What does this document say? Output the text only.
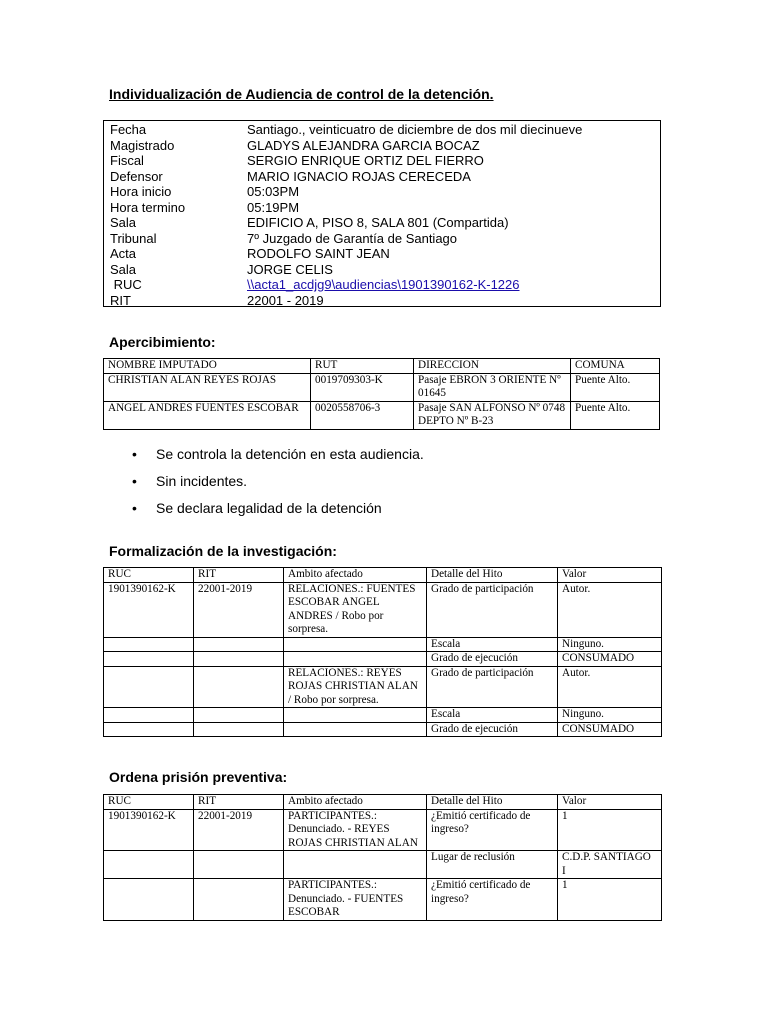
Individualización de Audiencia de control de la detención.
Fecha	Santiago., veinticuatro de diciembre de dos mil diecinueve
Magistrado	GLADYS ALEJANDRA GARCIA BOCAZ
Fiscal	SERGIO ENRIQUE ORTIZ DEL FIERRO
Defensor	MARIO IGNACIO ROJAS CERECEDA
Hora inicio	05:03PM
Hora termino	05:19PM
Sala	EDIFICIO A, PISO 8, SALA 801 (Compartida)
Tribunal	7º Juzgado de Garantía de Santiago
Acta	RODOLFO SAINT JEAN
Sala	JORGE CELIS
RUC	\\acta1_acdjg9\audiencias\1901390162-K-1226
RIT	22001 - 2019
Apercibimiento:
NOMBRE IMPUTADO	RUT	DIRECCION	COMUNA
CHRISTIAN ALAN REYES ROJAS	0019709303-K	Pasaje EBRON 3 ORIENTE Nº 01645	Puente Alto.
ANGEL ANDRES FUENTES ESCOBAR	0020558706-3	Pasaje SAN ALFONSO Nº 0748 DEPTO Nº B-23	Puente Alto.
• Se controla la detención en esta audiencia.
• Sin incidentes.
• Se declara legalidad de la detención
Formalización de la investigación:
RUC	RIT	Ambito afectado	Detalle del Hito	Valor
1901390162-K	22001-2019	RELACIONES.: FUENTES ESCOBAR ANGEL ANDRES / Robo por sorpresa.	Grado de participación	Autor.
			Escala	Ninguno.
			Grado de ejecución	CONSUMADO
		RELACIONES.: REYES ROJAS CHRISTIAN ALAN / Robo por sorpresa.	Grado de participación	Autor.
			Escala	Ninguno.
			Grado de ejecución	CONSUMADO
Ordena prisión preventiva:
RUC	RIT	Ambito afectado	Detalle del Hito	Valor
1901390162-K	22001-2019	PARTICIPANTES.: Denunciado. - REYES ROJAS CHRISTIAN ALAN	¿Emitió certificado de ingreso?	1
			Lugar de reclusión	C.D.P. SANTIAGO I
		PARTICIPANTES.: Denunciado. - FUENTES ESCOBAR	¿Emitió certificado de ingreso?	1
